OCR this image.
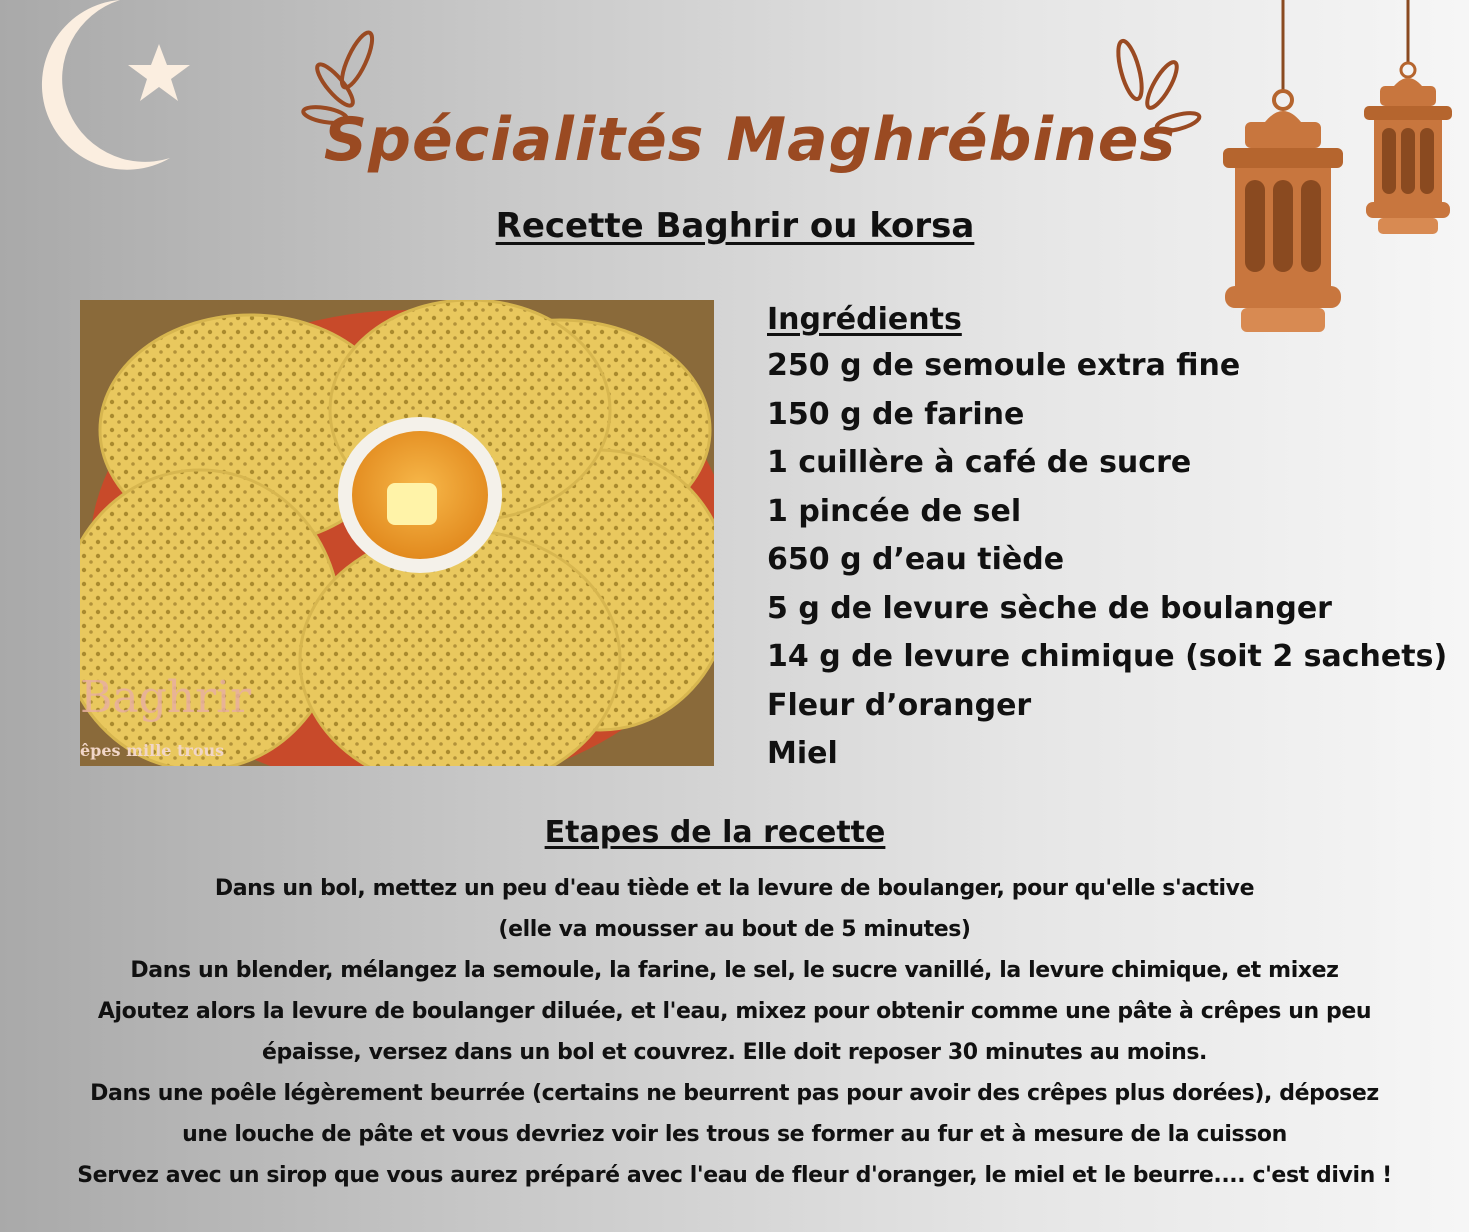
Spécialités Maghrébines
Recette Baghrir ou korsa
Baghrir
êpes mille trous
Ingrédients
250 g de semoule extra fine
150 g de farine
1 cuillère à café de sucre
1 pincée de sel
650 g d’eau tiède
5 g de levure sèche de boulanger
14 g de levure chimique (soit 2 sachets)
Fleur d’oranger
Miel
Etapes de la recette
Dans un bol, mettez un peu d'eau tiède et la levure de boulanger, pour qu'elle s'active
(elle va mousser au bout de 5 minutes)
Dans un blender, mélangez la semoule, la farine, le sel, le sucre vanillé, la levure chimique, et mixez
Ajoutez alors la levure de boulanger diluée, et l'eau, mixez pour obtenir comme une pâte à crêpes un peu
épaisse, versez dans un bol et couvrez. Elle doit reposer 30 minutes au moins.
Dans une poêle légèrement beurrée (certains ne beurrent pas pour avoir des crêpes plus dorées), déposez
une louche de pâte et vous devriez voir les trous se former au fur et à mesure de la cuisson
Servez avec un sirop que vous aurez préparé avec l'eau de fleur d'oranger, le miel et le beurre.... c'est divin !
